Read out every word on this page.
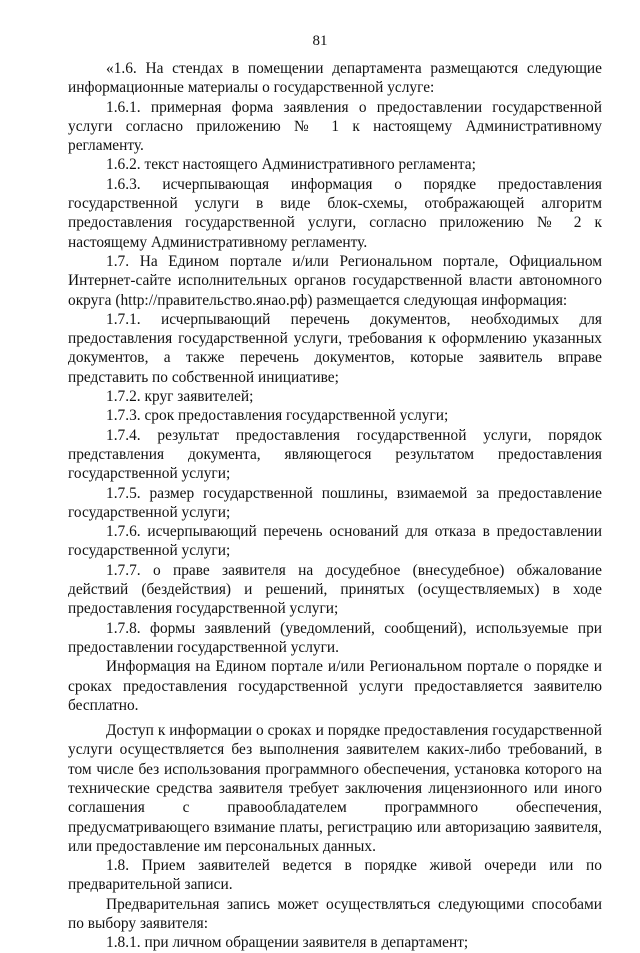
81

«1.6. На стендах в помещении департамента размещаются следующие информационные материалы о государственной услуге:

1.6.1. примерная форма заявления о предоставлении государственной услуги согласно приложению № 1 к настоящему Административному регламенту.

1.6.2. текст настоящего Административного регламента;

1.6.3. исчерпывающая информация о порядке предоставления государственной услуги в виде блок-схемы, отображающей алгоритм предоставления государственной услуги, согласно приложению № 2 к настоящему Административному регламенту.

1.7. На Едином портале и/или Региональном портале, Официальном Интернет-сайте исполнительных органов государственной власти автономного округа (http://правительство.янао.рф) размещается следующая информация:

1.7.1. исчерпывающий перечень документов, необходимых для предоставления государственной услуги, требования к оформлению указанных документов, а также перечень документов, которые заявитель вправе представить по собственной инициативе;

1.7.2. круг заявителей;

1.7.3. срок предоставления государственной услуги;

1.7.4. результат предоставления государственной услуги, порядок представления документа, являющегося результатом предоставления государственной услуги;

1.7.5. размер государственной пошлины, взимаемой за предоставление государственной услуги;

1.7.6. исчерпывающий перечень оснований для отказа в предоставлении государственной услуги;

1.7.7. о праве заявителя на досудебное (внесудебное) обжалование действий (бездействия) и решений, принятых (осуществляемых) в ходе предоставления государственной услуги;

1.7.8. формы заявлений (уведомлений, сообщений), используемые при предоставлении государственной услуги.

Информация на Едином портале и/или Региональном портале о порядке и сроках предоставления государственной услуги предоставляется заявителю бесплатно.

Доступ к информации о сроках и порядке предоставления государственной услуги осуществляется без выполнения заявителем каких-либо требований, в том числе без использования программного обеспечения, установка которого на технические средства заявителя требует заключения лицензионного или иного соглашения с правообладателем программного обеспечения, предусматривающего взимание платы, регистрацию или авторизацию заявителя, или предоставление им персональных данных.

1.8. Прием заявителей ведется в порядке живой очереди или по предварительной записи.

Предварительная запись может осуществляться следующими способами по выбору заявителя:

1.8.1. при личном обращении заявителя в департамент;
